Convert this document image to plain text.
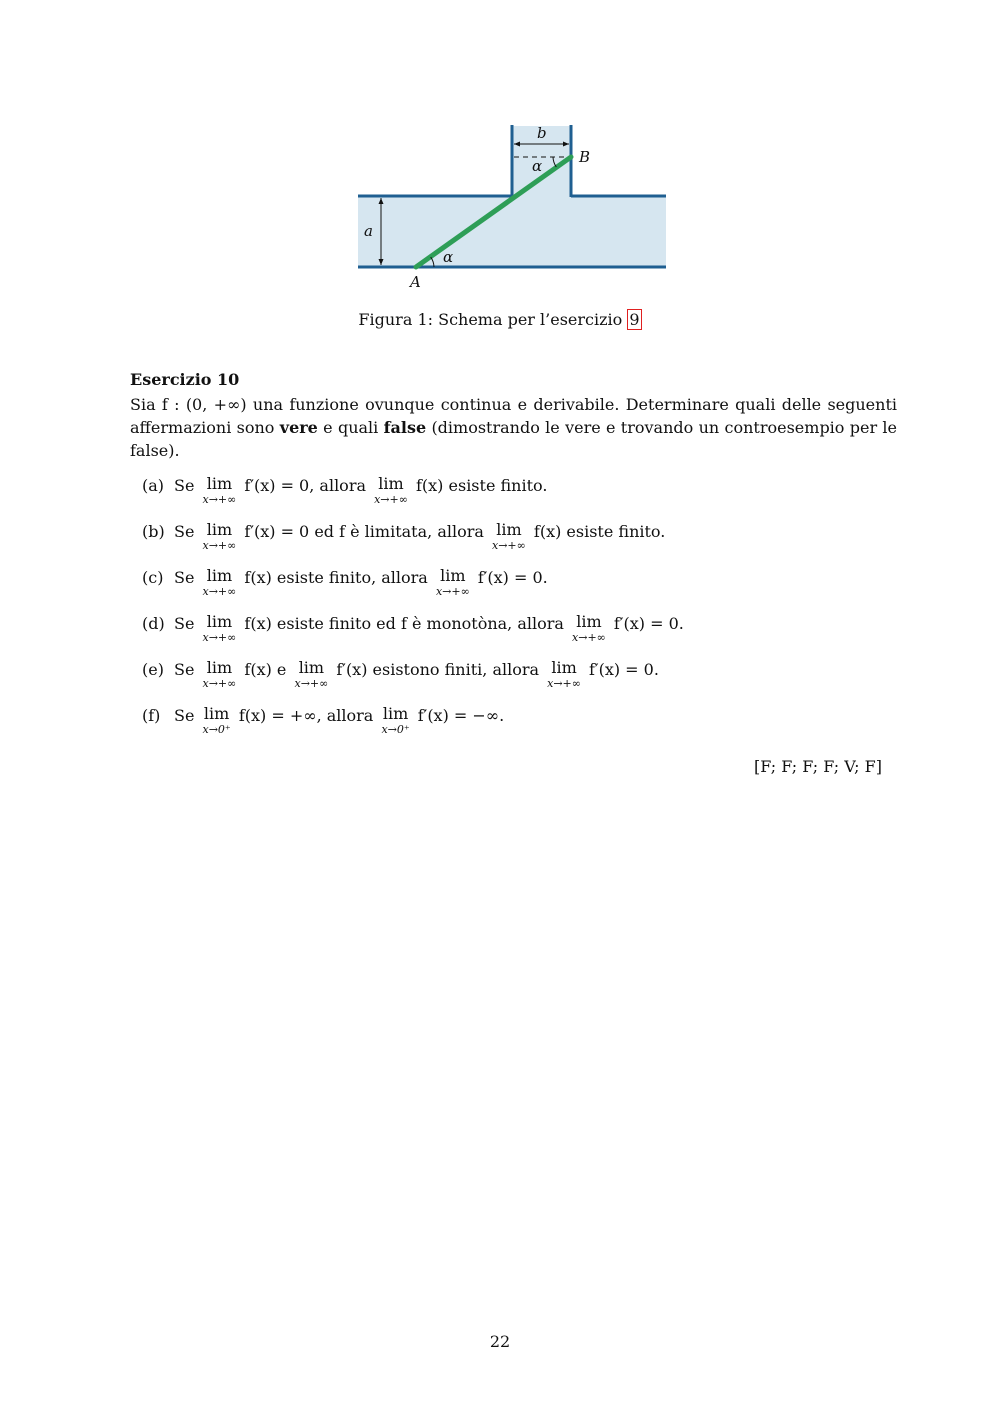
b
B
α
a
α
A
Figura 1: Schema per l’esercizio 9
Esercizio 10
Sia f : (0, +∞) una funzione ovunque continua e derivabile. Determinare quali delle seguenti affermazioni sono vere e quali false (dimostrando le vere e trovando un controesempio per le false).
(a) Se lim
x→+∞
f′(x) = 0, allora lim
x→+∞
f(x) esiste finito.
(b) Se lim
x→+∞
f′(x) = 0 ed f è limitata, allora lim
x→+∞
f(x) esiste finito.
(c) Se lim
x→+∞
f(x) esiste finito, allora lim
x→+∞
f′(x) = 0.
(d) Se lim
x→+∞
f(x) esiste finito ed f è monotòna, allora lim
x→+∞
f′(x) = 0.
(e) Se lim
x→+∞
f(x) e lim
x→+∞
f′(x) esistono finiti, allora lim
x→+∞
f′(x) = 0.
(f) Se lim
x→0⁺
f(x) = +∞, allora lim
x→0⁺
f′(x) = −∞.
[F; F; F; F; V; F]
22
